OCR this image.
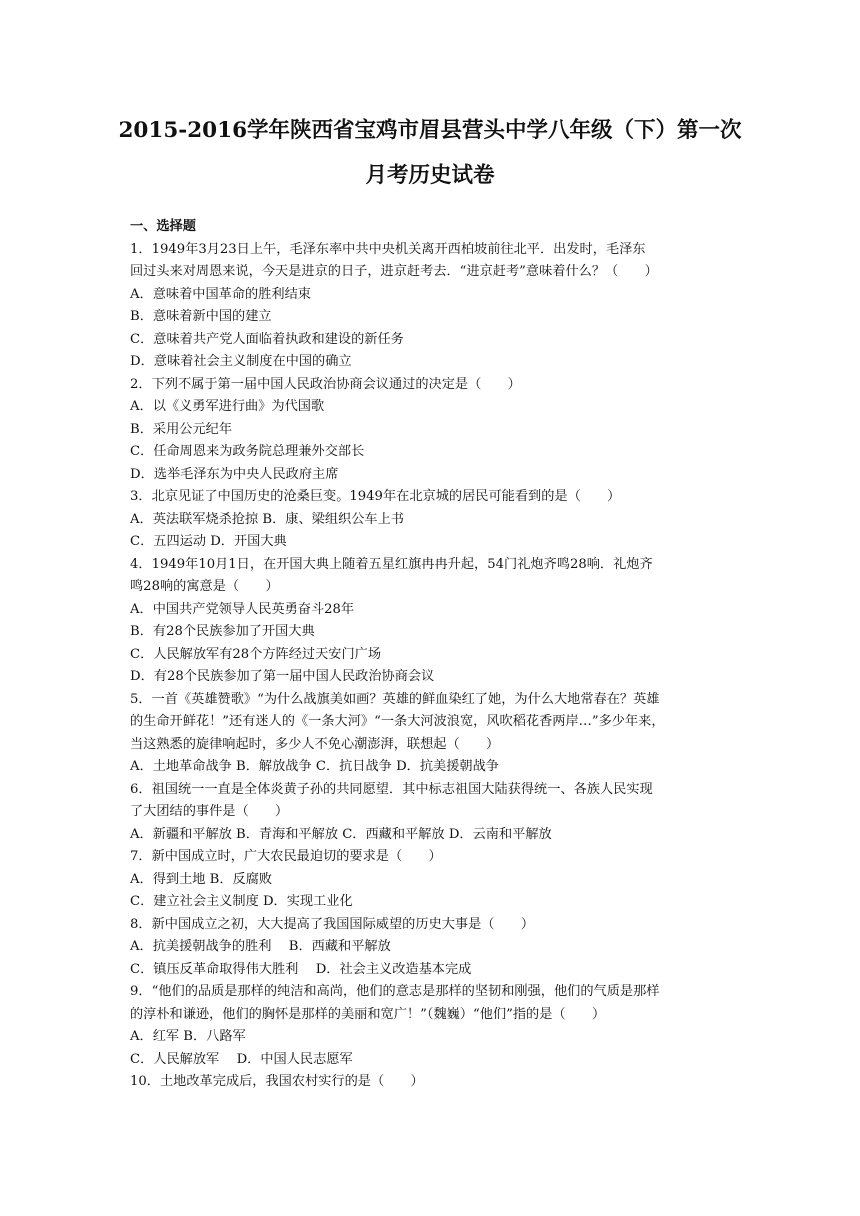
2015-2016学年陕西省宝鸡市眉县营头中学八年级（下）第一次
月考历史试卷
一、选择题
1．1949年3月23日上午，毛泽东率中共中央机关离开西柏坡前往北平．出发时，毛泽东
回过头来对周恩来说，今天是进京的日子，进京赶考去．“进京赶考”意味着什么？（　　）
A．意味着中国革命的胜利结束
B．意味着新中国的建立
C．意味着共产党人面临着执政和建设的新任务
D．意味着社会主义制度在中国的确立
2．下列不属于第一届中国人民政治协商会议通过的决定是（　　）
A．以《义勇军进行曲》为代国歌
B．采用公元纪年
C．任命周恩来为政务院总理兼外交部长
D．选举毛泽东为中央人民政府主席
3．北京见证了中国历史的沧桑巨变。1949年在北京城的居民可能看到的是（　　）
A．英法联军烧杀抢掠 B．康、梁组织公车上书
C．五四运动 D．开国大典
4．1949年10月1日，在开国大典上随着五星红旗冉冉升起，54门礼炮齐鸣28响．礼炮齐
鸣28响的寓意是（　　）
A．中国共产党领导人民英勇奋斗28年
B．有28个民族参加了开国大典
C．人民解放军有28个方阵经过天安门广场
D．有28个民族参加了第一届中国人民政治协商会议
5．一首《英雄赞歌》“为什么战旗美如画？英雄的鲜血染红了她，为什么大地常春在？英雄
的生命开鲜花！”还有迷人的《一条大河》“一条大河波浪宽，风吹稻花香两岸…”多少年来，
当这熟悉的旋律响起时，多少人不免心潮澎湃，联想起（　　）
A．土地革命战争 B．解放战争 C．抗日战争 D．抗美援朝战争
6．祖国统一一直是全体炎黄子孙的共同愿望．其中标志祖国大陆获得统一、各族人民实现
了大团结的事件是（　　）
A．新疆和平解放 B．青海和平解放 C．西藏和平解放 D．云南和平解放
7．新中国成立时，广大农民最迫切的要求是（　　）
A．得到土地 B．反腐败
C．建立社会主义制度 D．实现工业化
8．新中国成立之初，大大提高了我国国际威望的历史大事是（　　）
A．抗美援朝战争的胜利　 B．西藏和平解放
C．镇压反革命取得伟大胜利　 D．社会主义改造基本完成
9．“他们的品质是那样的纯洁和高尚，他们的意志是那样的坚韧和刚强，他们的气质是那样
的淳朴和谦逊，他们的胸怀是那样的美丽和宽广！”（魏巍）“他们”指的是（　　）
A．红军 B．八路军
C．人民解放军　 D．中国人民志愿军
10．土地改革完成后，我国农村实行的是（　　）
